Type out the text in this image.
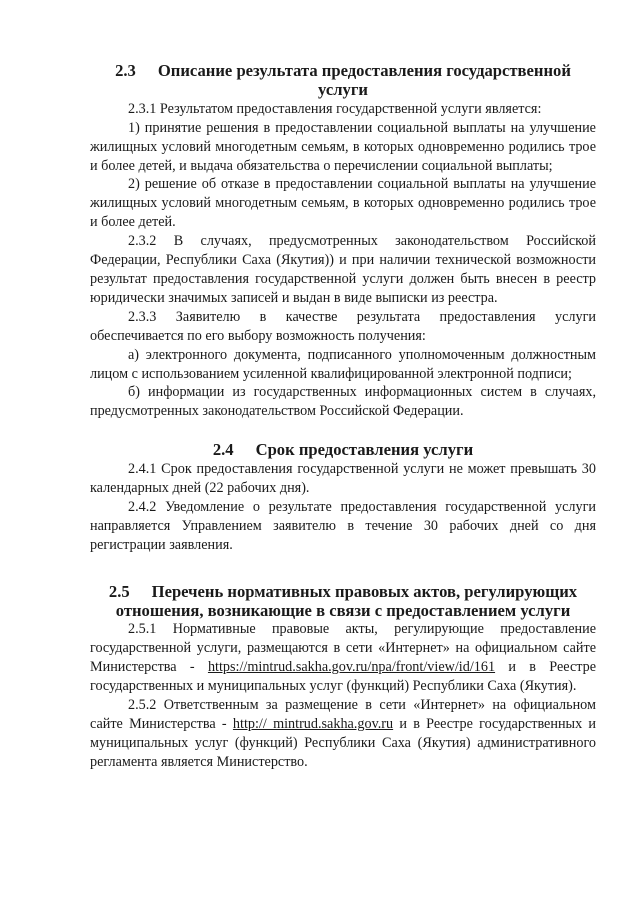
2.3 Описание результата предоставления государственной услуги

2.3.1 Результатом предоставления государственной услуги является:

1) принятие решения в предоставлении социальной выплаты на улучшение жилищных условий многодетным семьям, в которых одновременно родились трое и более детей, и выдача обязательства о перечислении социальной выплаты;

2) решение об отказе в предоставлении социальной выплаты на улучшение жилищных условий многодетным семьям, в которых одновременно родились трое и более детей.

2.3.2 В случаях, предусмотренных законодательством Российской Федерации, Республики Саха (Якутия)) и при наличии технической возможности результат предоставления государственной услуги должен быть внесен в реестр юридически значимых записей и выдан в виде выписки из реестра.

2.3.3 Заявителю в качестве результата предоставления услуги обеспечивается по его выбору возможность получения:

а) электронного документа, подписанного уполномоченным должностным лицом с использованием усиленной квалифицированной электронной подписи;

б) информации из государственных информационных систем в случаях, предусмотренных законодательством Российской Федерации.

2.4 Срок предоставления услуги

2.4.1 Срок предоставления государственной услуги не может превышать 30 календарных дней (22 рабочих дня).

2.4.2 Уведомление о результате предоставления государственной услуги направляется Управлением заявителю в течение 30 рабочих дней со дня регистрации заявления.

2.5 Перечень нормативных правовых актов, регулирующих
отношения, возникающие в связи с предоставлением услуги

2.5.1 Нормативные правовые акты, регулирующие предоставление государственной услуги, размещаются в сети «Интернет» на официальном сайте Министерства - https://mintrud.sakha.gov.ru/npa/front/view/id/161 и в Реестре государственных и муниципальных услуг (функций) Республики Саха (Якутия).

2.5.2 Ответственным за размещение в сети «Интернет» на официальном сайте Министерства - http:// mintrud.sakha.gov.ru и в Реестре государственных и муниципальных услуг (функций) Республики Саха (Якутия) административного регламента является Министерство.
